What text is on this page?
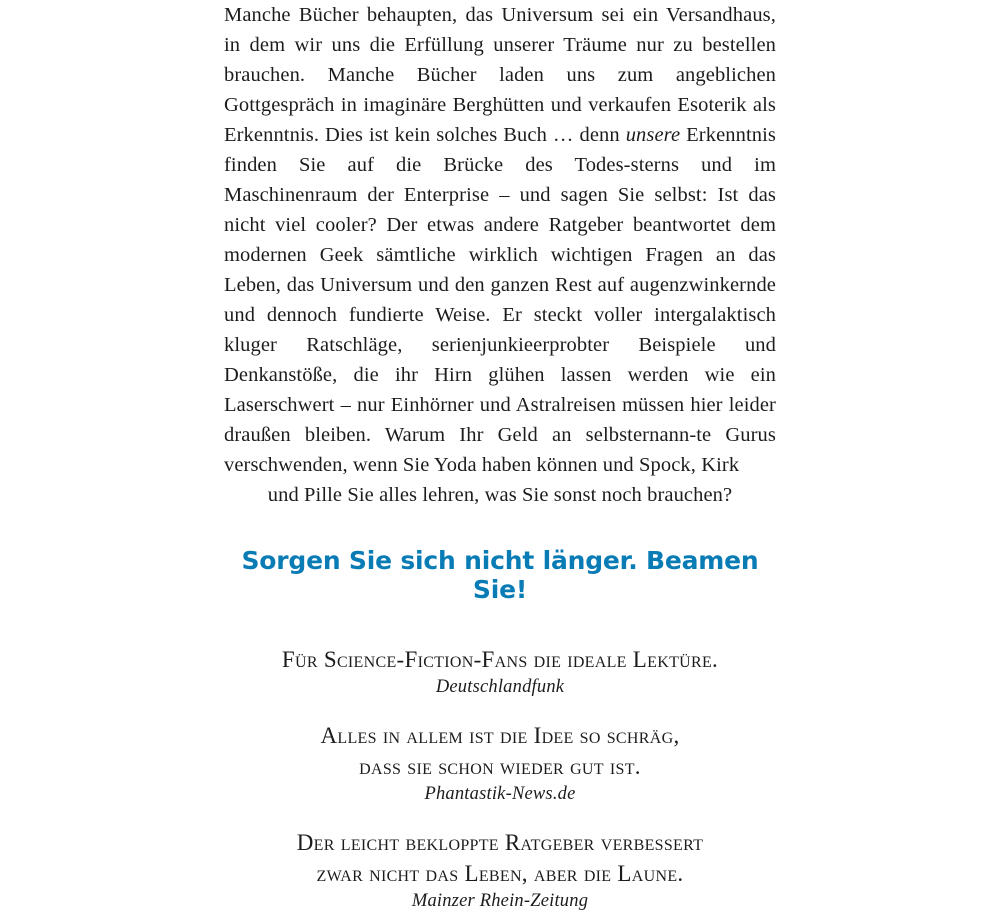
Manche Bücher behaupten, das Universum sei ein Versandhaus, in dem wir uns die Erfüllung unserer Träume nur zu bestellen brauchen. Manche Bücher laden uns zum angeblichen Gottgespräch in imaginäre Berghütten und verkaufen Esoterik als Erkenntnis. Dies ist kein solches Buch … denn unsere Erkenntnis finden Sie auf die Brücke des Todes-sterns und im Maschinenraum der Enterprise – und sagen Sie selbst: Ist das nicht viel cooler? Der etwas andere Ratgeber beantwortet dem modernen Geek sämtliche wirklich wichtigen Fragen an das Leben, das Universum und den ganzen Rest auf augenzwinkernde und dennoch fundierte Weise. Er steckt voller intergalaktisch kluger Ratschläge, serienjunkieerprobter Beispiele und Denkanstöße, die ihr Hirn glühen lassen werden wie ein Laserschwert – nur Einhörner und Astralreisen müssen hier leider draußen bleiben. Warum Ihr Geld an selbsternann-te Gurus verschwenden, wenn Sie Yoda haben können und Spock, Kirk
und Pille Sie alles lehren, was Sie sonst noch brauchen?

Sorgen Sie sich nicht länger. Beamen Sie!
Für Science-Fiction-Fans die ideale Lektüre.
Deutschlandfunk
Alles in allem ist die Idee so schräg,
dass sie schon wieder gut ist.
Phantastik-News.de
Der leicht bekloppte Ratgeber verbessert
zwar nicht das Leben, aber die Laune.
Mainzer Rhein-Zeitung
